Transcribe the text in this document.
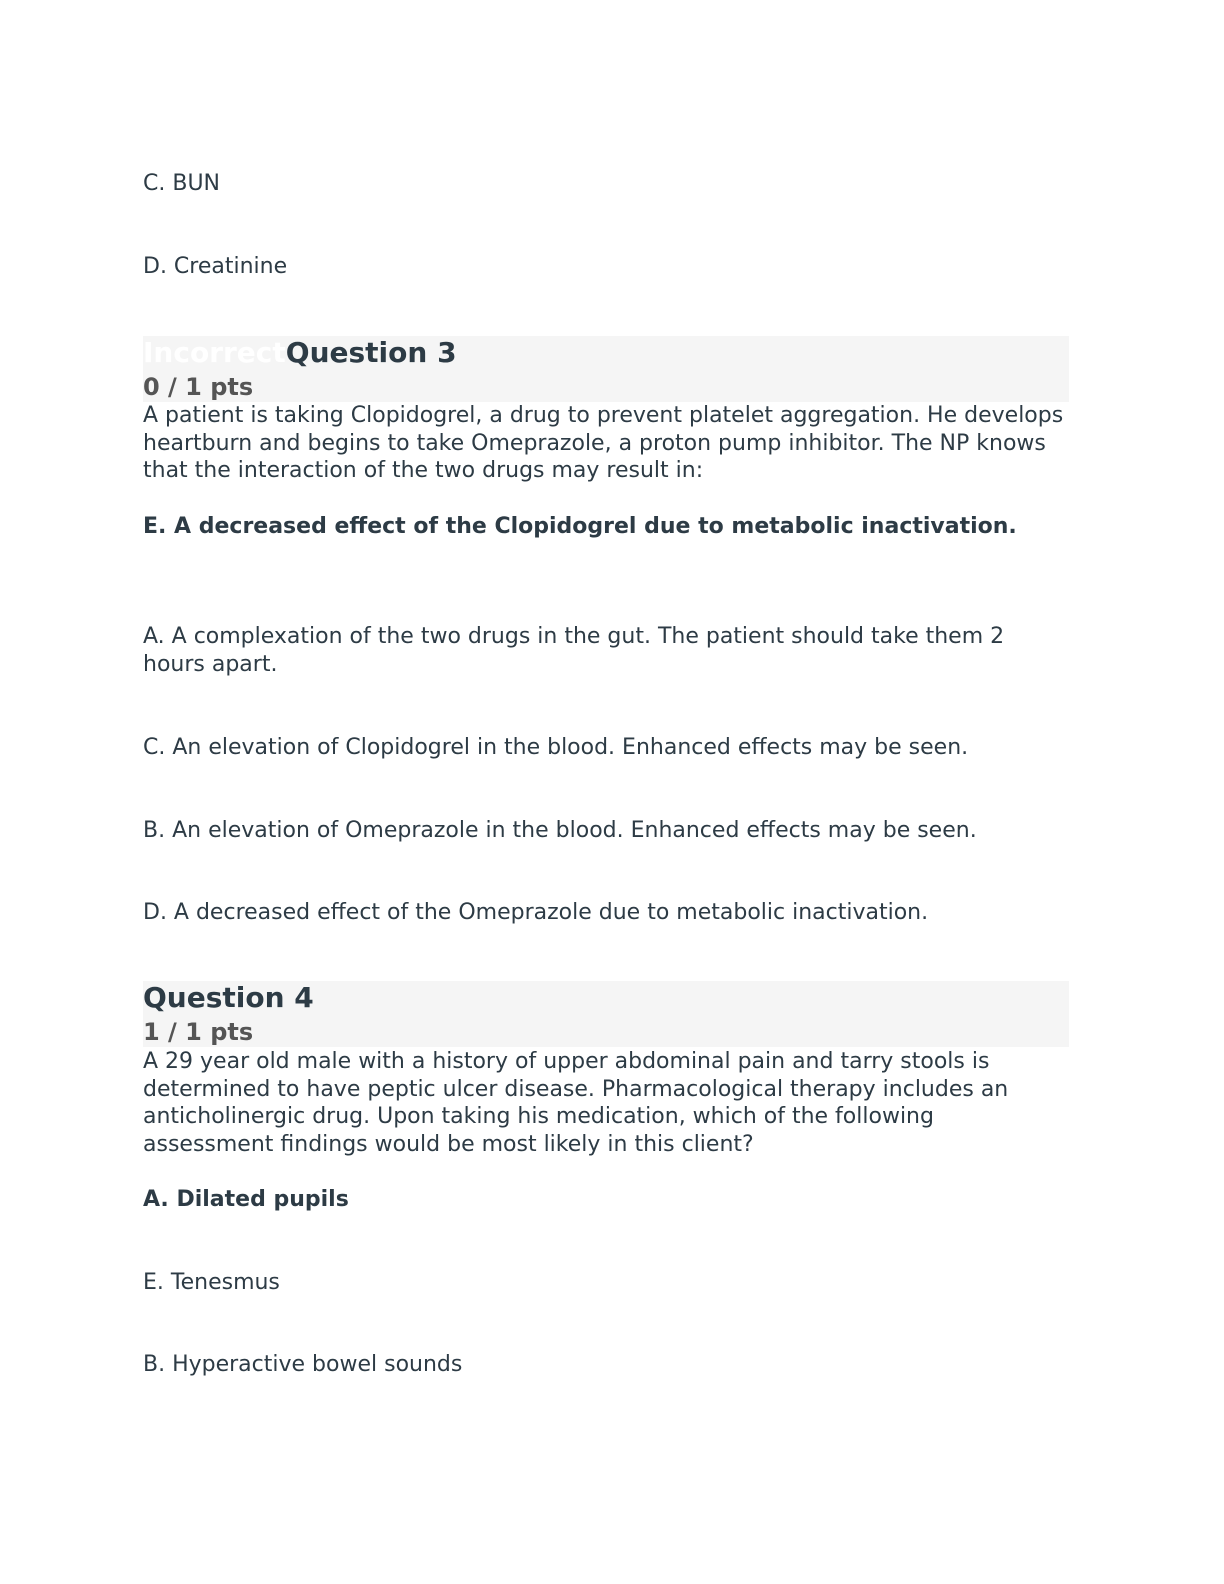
C. BUN
D. Creatinine
IncorrectQuestion 3
0 / 1 pts
A patient is taking Clopidogrel, a drug to prevent platelet aggregation. He develops heartburn and begins to take Omeprazole, a proton pump inhibitor. The NP knows that the interaction of the two drugs may result in:
E. A decreased effect of the Clopidogrel due to metabolic inactivation.
A. A complexation of the two drugs in the gut. The patient should take them 2 hours apart.
C. An elevation of Clopidogrel in the blood. Enhanced effects may be seen.
B. An elevation of Omeprazole in the blood. Enhanced effects may be seen.
D. A decreased effect of the Omeprazole due to metabolic inactivation.
Question 4
1 / 1 pts
A 29 year old male with a history of upper abdominal pain and tarry stools is determined to have peptic ulcer disease. Pharmacological therapy includes an anticholinergic drug. Upon taking his medication, which of the following assessment findings would be most likely in this client?
A. Dilated pupils
E. Tenesmus
B. Hyperactive bowel sounds
